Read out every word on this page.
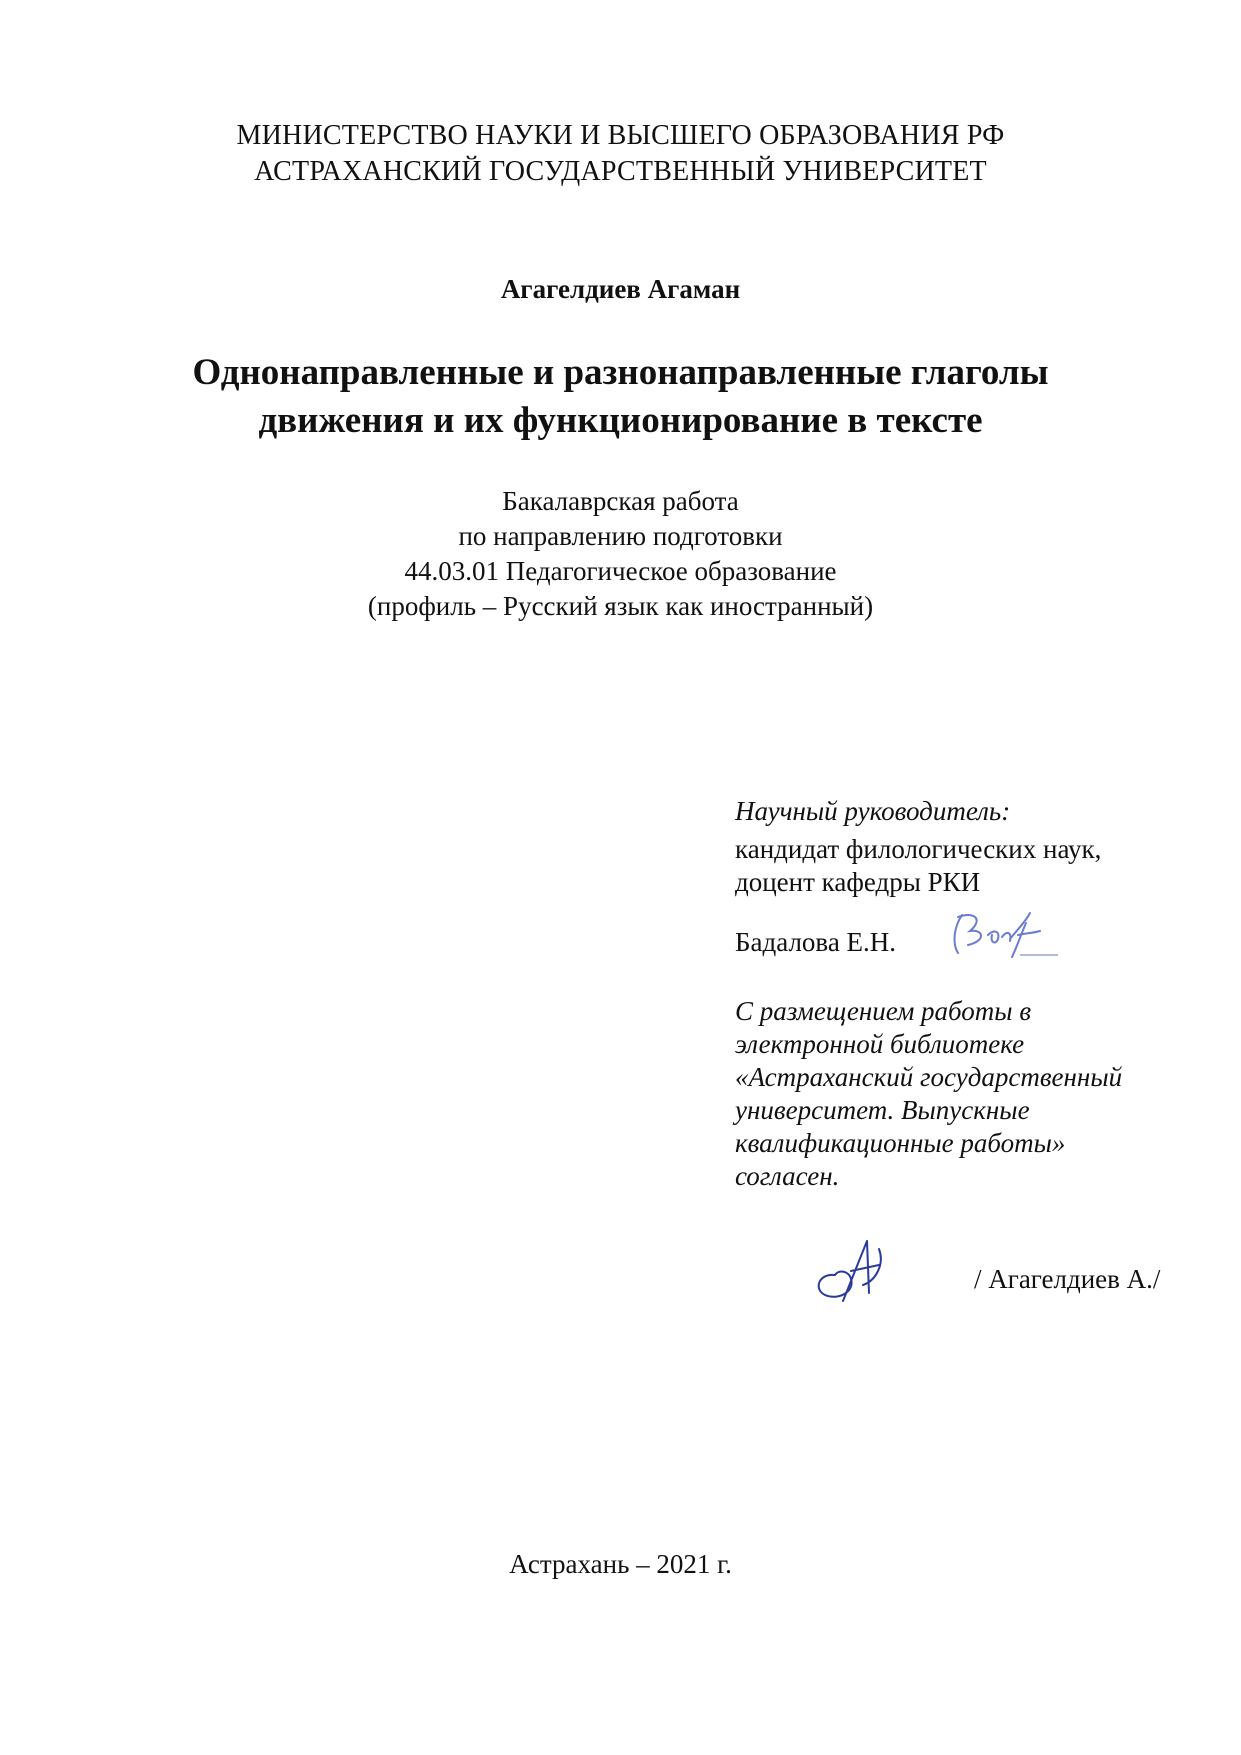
МИНИСТЕРСТВО НАУКИ И ВЫСШЕГО ОБРАЗОВАНИЯ РФ
АСТРАХАНСКИЙ ГОСУДАРСТВЕННЫЙ УНИВЕРСИТЕТ
Агагелдиев Агаман
Однонаправленные и разнонаправленные глаголы
движения и их функционирование в тексте
Бакалаврская работа
по направлению подготовки
44.03.01 Педагогическое образование
(профиль – Русский язык как иностранный)
Научный руководитель:
кандидат филологических наук,
доцент кафедры РКИ
Бадалова Е.Н.
С размещением работы в
электронной библиотеке
«Астраханский государственный
университет. Выпускные
квалификационные работы»
согласен.
/ Агагелдиев А./
Астрахань – 2021 г.
